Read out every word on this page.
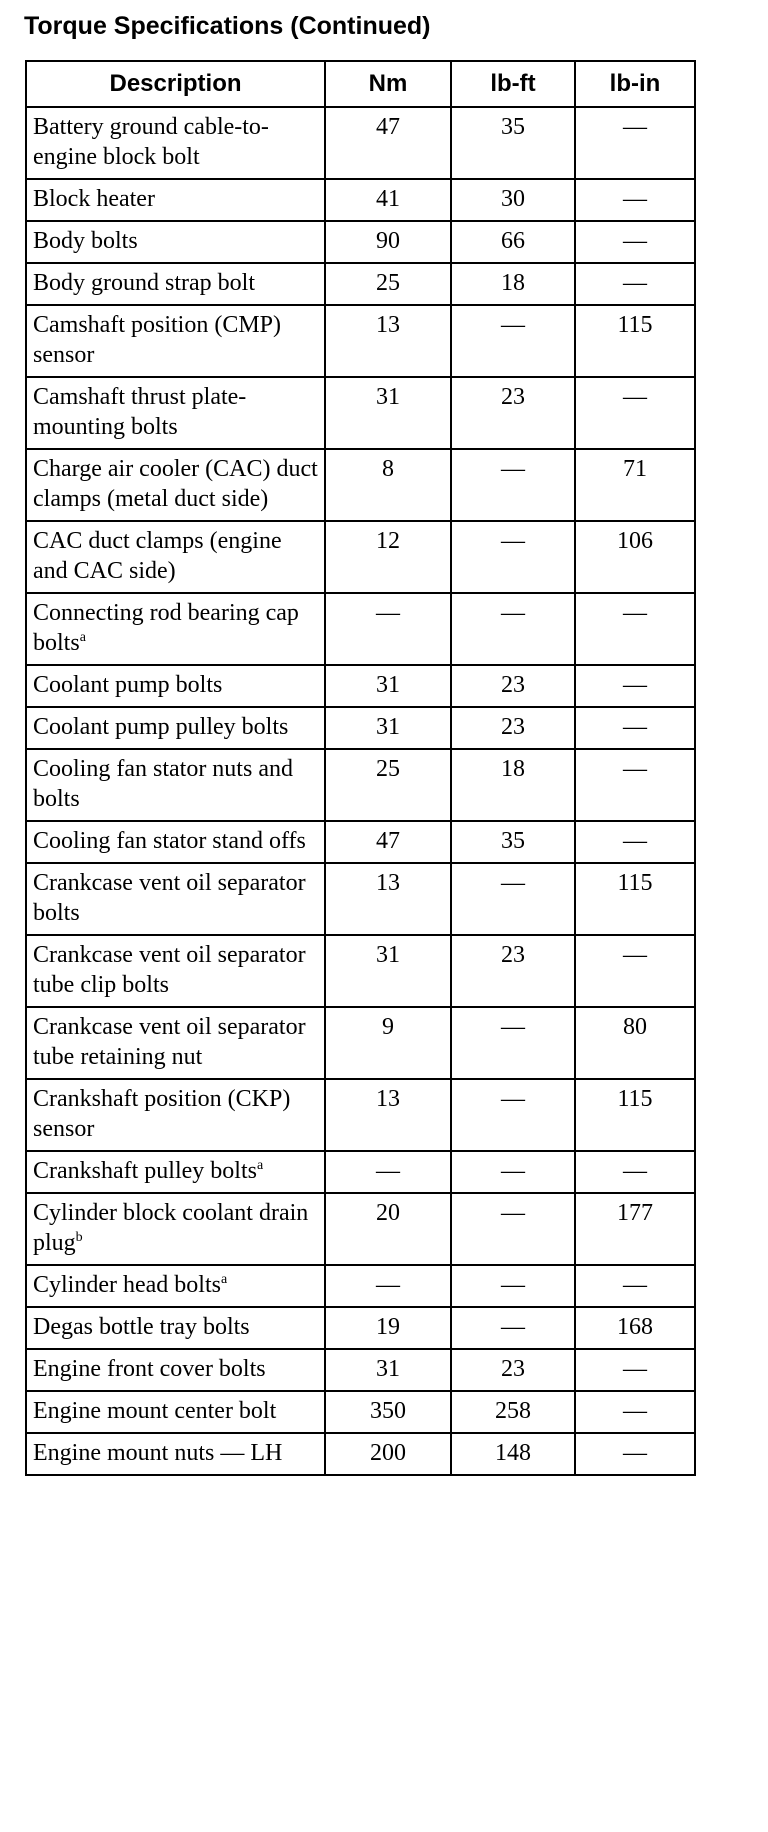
Torque Specifications (Continued)
Description	Nm	lb-ft	lb-in
Battery ground cable-to-engine block bolt	47	35	—
Block heater	41	30	—
Body bolts	90	66	—
Body ground strap bolt	25	18	—
Camshaft position (CMP) sensor	13	—	115
Camshaft thrust plate-mounting bolts	31	23	—
Charge air cooler (CAC) duct clamps (metal duct side)	8	—	71
CAC duct clamps (engine and CAC side)	12	—	106
Connecting rod bearing cap bolts$^a$	—	—	—
Coolant pump bolts	31	23	—
Coolant pump pulley bolts	31	23	—
Cooling fan stator nuts and bolts	25	18	—
Cooling fan stator stand offs	47	35	—
Crankcase vent oil separator bolts	13	—	115
Crankcase vent oil separator tube clip bolts	31	23	—
Crankcase vent oil separator tube retaining nut	9	—	80
Crankshaft position (CKP) sensor	13	—	115
Crankshaft pulley bolts$^a$	—	—	—
Cylinder block coolant drain plug$^b$	20	—	177
Cylinder head bolts$^a$	—	—	—
Degas bottle tray bolts	19	—	168
Engine front cover bolts	31	23	—
Engine mount center bolt	350	258	—
Engine mount nuts — LH	200	148	—
